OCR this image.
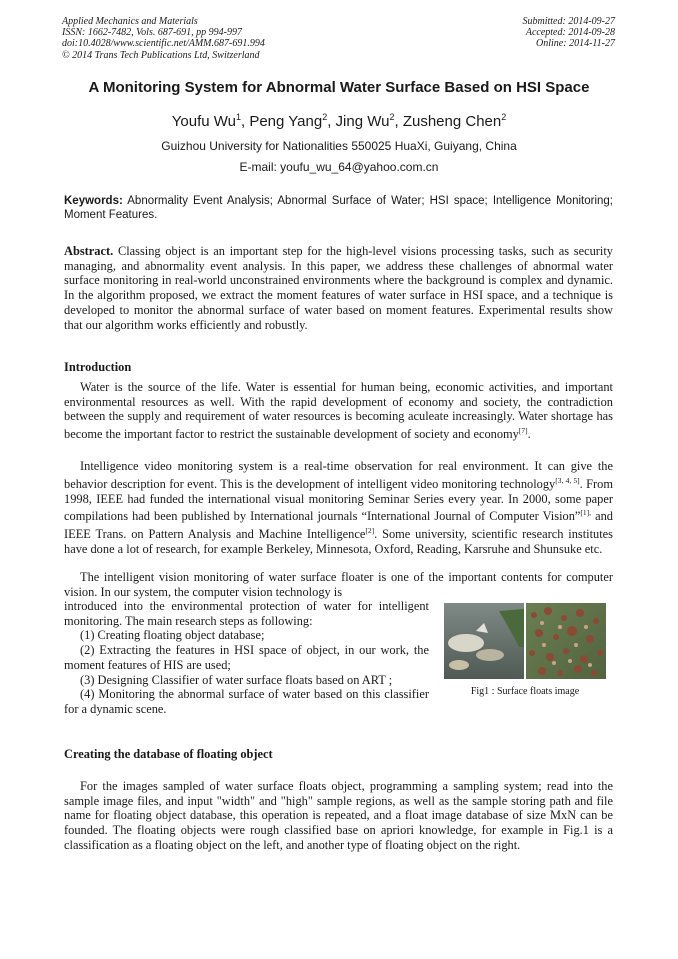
Applied Mechanics and Materials
ISSN: 1662-7482, Vols. 687-691, pp 994-997
doi:10.4028/www.scientific.net/AMM.687-691.994
© 2014 Trans Tech Publications Ltd, Switzerland
Submitted: 2014-09-27
Accepted: 2014-09-28
Online: 2014-11-27
A Monitoring System for Abnormal Water Surface Based on HSI Space
Youfu Wu$^1$, Peng Yang$^2$, Jing Wu$^2$, Zusheng Chen$^2$
Guizhou University for Nationalities 550025 HuaXi, Guiyang, China
E-mail: youfu_wu_64@yahoo.com.cn
Keywords: Abnormality Event Analysis; Abnormal Surface of Water; HSI space; Intelligence Monitoring; Moment Features.
Abstract. Classing object is an important step for the high-level visions processing tasks, such as security managing, and abnormality event analysis. In this paper, we address these challenges of abnormal water surface monitoring in real-world unconstrained environments where the background is complex and dynamic. In the algorithm proposed, we extract the moment features of water surface in HSI space, and a technique is developed to monitor the abnormal surface of water based on moment features. Experimental results show that our algorithm works efficiently and robustly.
Introduction
Water is the source of the life. Water is essential for human being, economic activities, and important environmental resources as well. With the rapid development of economy and society, the contradiction between the supply and requirement of water resources is becoming aculeate increasingly. Water shortage has become the important factor to restrict the sustainable development of society and economy[7].
Intelligence video monitoring system is a real-time observation for real environment. It can give the behavior description for event. This is the development of intelligent video monitoring technology[3, 4, 5]. From 1998, IEEE had funded the international visual monitoring Seminar Series every year. In 2000, some paper compilations had been published by International journals “International Journal of Computer Vision”$^{[1],}$ and IEEE Trans. on Pattern Analysis and Machine Intelligence[2]. Some university, scientific research institutes have done a lot of research, for example Berkeley, Minnesota, Oxford, Reading, Karsruhe and Shunsuke etc.
The intelligent vision monitoring of water surface floater is one of the important contents for computer vision. In our system, the computer vision technology is
introduced into the environmental protection of water for intelligent monitoring. The main research steps as following:
(1) Creating floating object database;
(2) Extracting the features in HSI space of object, in our work, the moment features of HIS are used;
(3) Designing Classifier of water surface floats based on ART ;
(4) Monitoring the abnormal surface of water based on this classifier for a dynamic scene.
Fig1 : Surface floats image
Creating the database of floating object
For the images sampled of water surface floats object, programming a sampling system; read into the sample image files, and input "width" and "high" sample regions, as well as the sample storing path and file name for floating object database, this operation is repeated, and a float image database of size MxN can be founded. The floating objects were rough classified base on apriori knowledge, for example in Fig.1 is a classification as a floating object on the left, and another type of floating object on the right.
